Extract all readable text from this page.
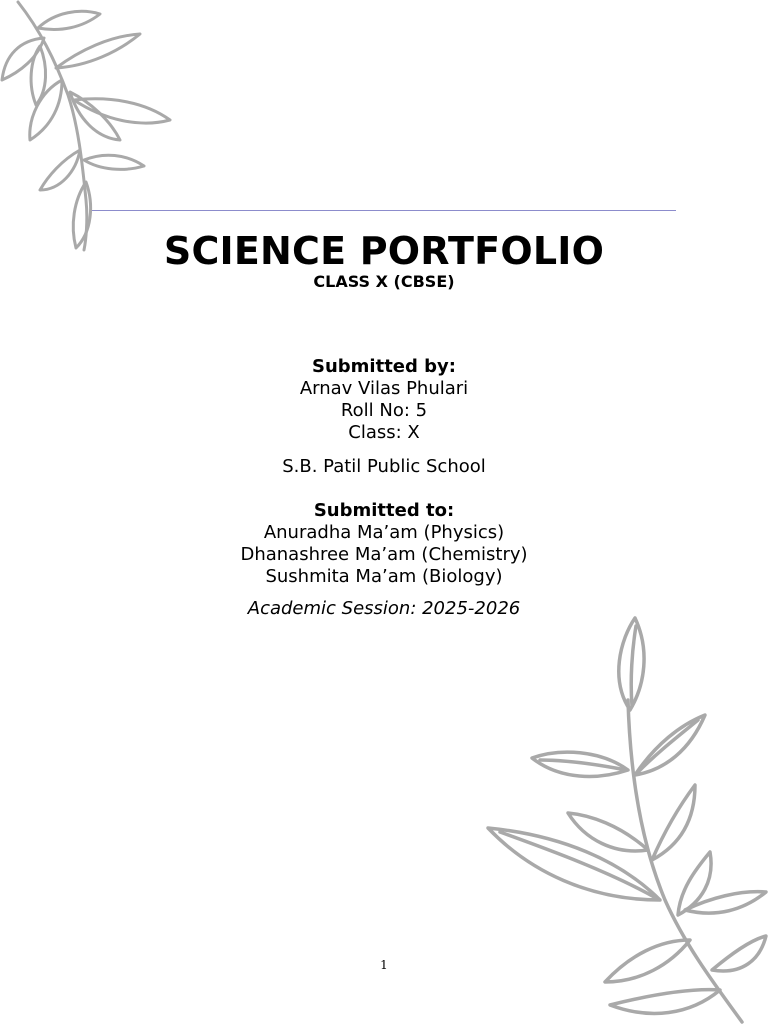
SCIENCE PORTFOLIO
CLASS X (CBSE)
Submitted by:
Arnav Vilas Phulari
Roll No: 5
Class: X
S.B. Patil Public School
Submitted to:
Anuradha Ma’am (Physics)
Dhanashree Ma’am (Chemistry)
Sushmita Ma’am (Biology)
Academic Session: 2025-2026
1
